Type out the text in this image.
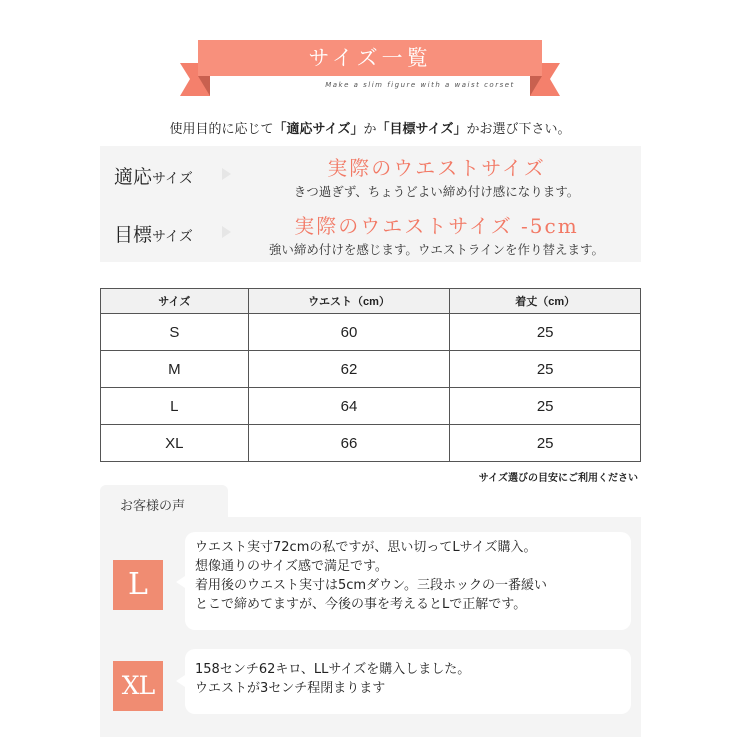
サイズ一覧
Make a slim figure with a waist corset
使用目的に応じて「適応サイズ」か「目標サイズ」かお選び下さい。
適応サイズ	実際のウエストサイズ
きつ過ぎず、ちょうどよい締め付け感になります。
目標サイズ	実際のウエストサイズ -5cm
強い締め付けを感じます。ウエストラインを作り替えます。
サイズ	ウエスト（cm）	着丈（cm）
S	60	25
M	62	25
L	64	25
XL	66	25
サイズ選びの目安にご利用ください
お客様の声
L
ウエスト実寸72cmの私ですが、思い切ってLサイズ購入。
想像通りのサイズ感で満足です。
着用後のウエスト実寸は5cmダウン。三段ホックの一番緩い
とこで締めてますが、今後の事を考えるとLで正解です。
XL
158センチ62キロ、LLサイズを購入しました。
ウエストが3センチ程閉まります
